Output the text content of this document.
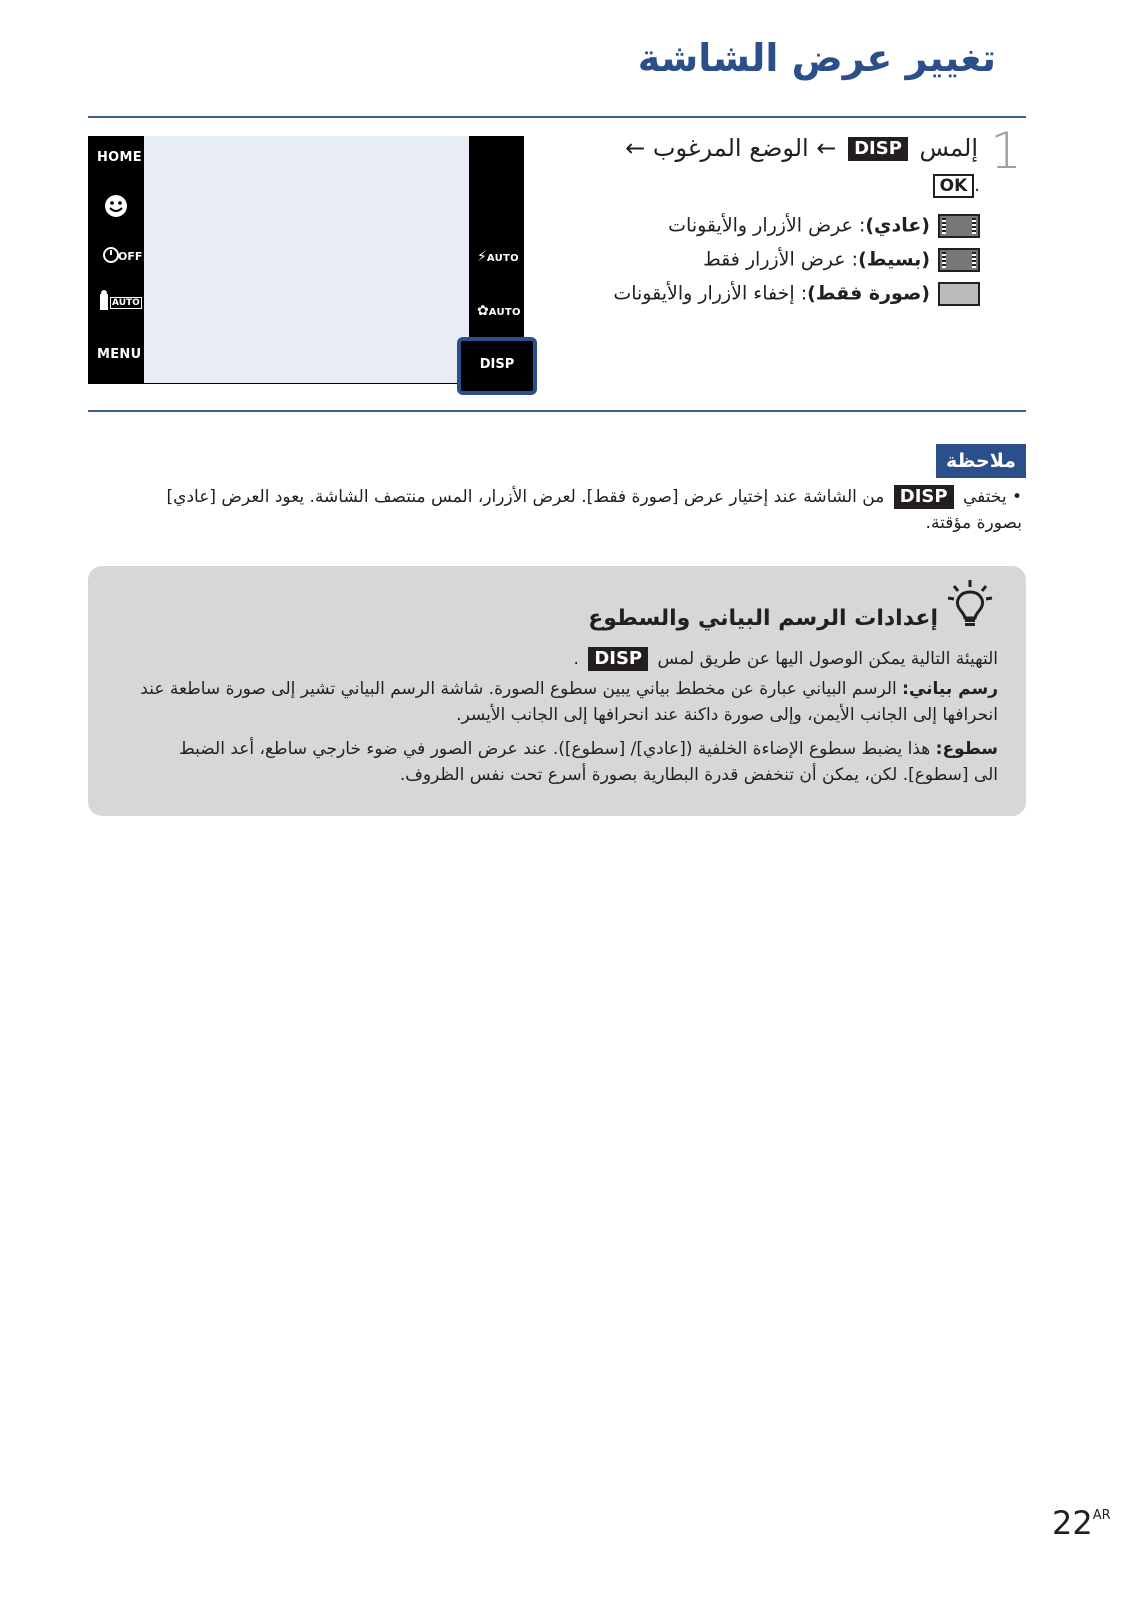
تغيير عرض الشاشة
HOME
OFF
AUTO
MENU
⚡AUTO
✿AUTO
DISP
1
إلمس DISP ← الوضع المرغوب ←
.OK
(عادي): عرض الأزرار والأيقونات
(بسيط): عرض الأزرار فقط
(صورة فقط): إخفاء الأزرار والأيقونات
ملاحظة
• يختفي DISP من الشاشة عند إختيار عرض [صورة فقط]. لعرض الأزرار، المس منتصف الشاشة. يعود العرض [عادي] بصورة مؤقتة.
إعدادات الرسم البياني والسطوع
التهيئة التالية يمكن الوصول اليها عن طريق لمس DISP .
رسم بياني: الرسم البياني عبارة عن مخطط بياني يبين سطوع الصورة. شاشة الرسم البياني تشير إلى صورة ساطعة عند انحرافها إلى الجانب الأيمن، وإلى صورة داكنة عند انحرافها إلى الجانب الأيسر.
سطوع: هذا يضبط سطوع الإضاءة الخلفية ([عادي]/ [سطوع]). عند عرض الصور في ضوء خارجي ساطع، أعد الضبط الى [سطوع]. لكن، يمكن أن تنخفض قدرة البطارية بصورة أسرع تحت نفس الظروف.
$22^{AR}$
